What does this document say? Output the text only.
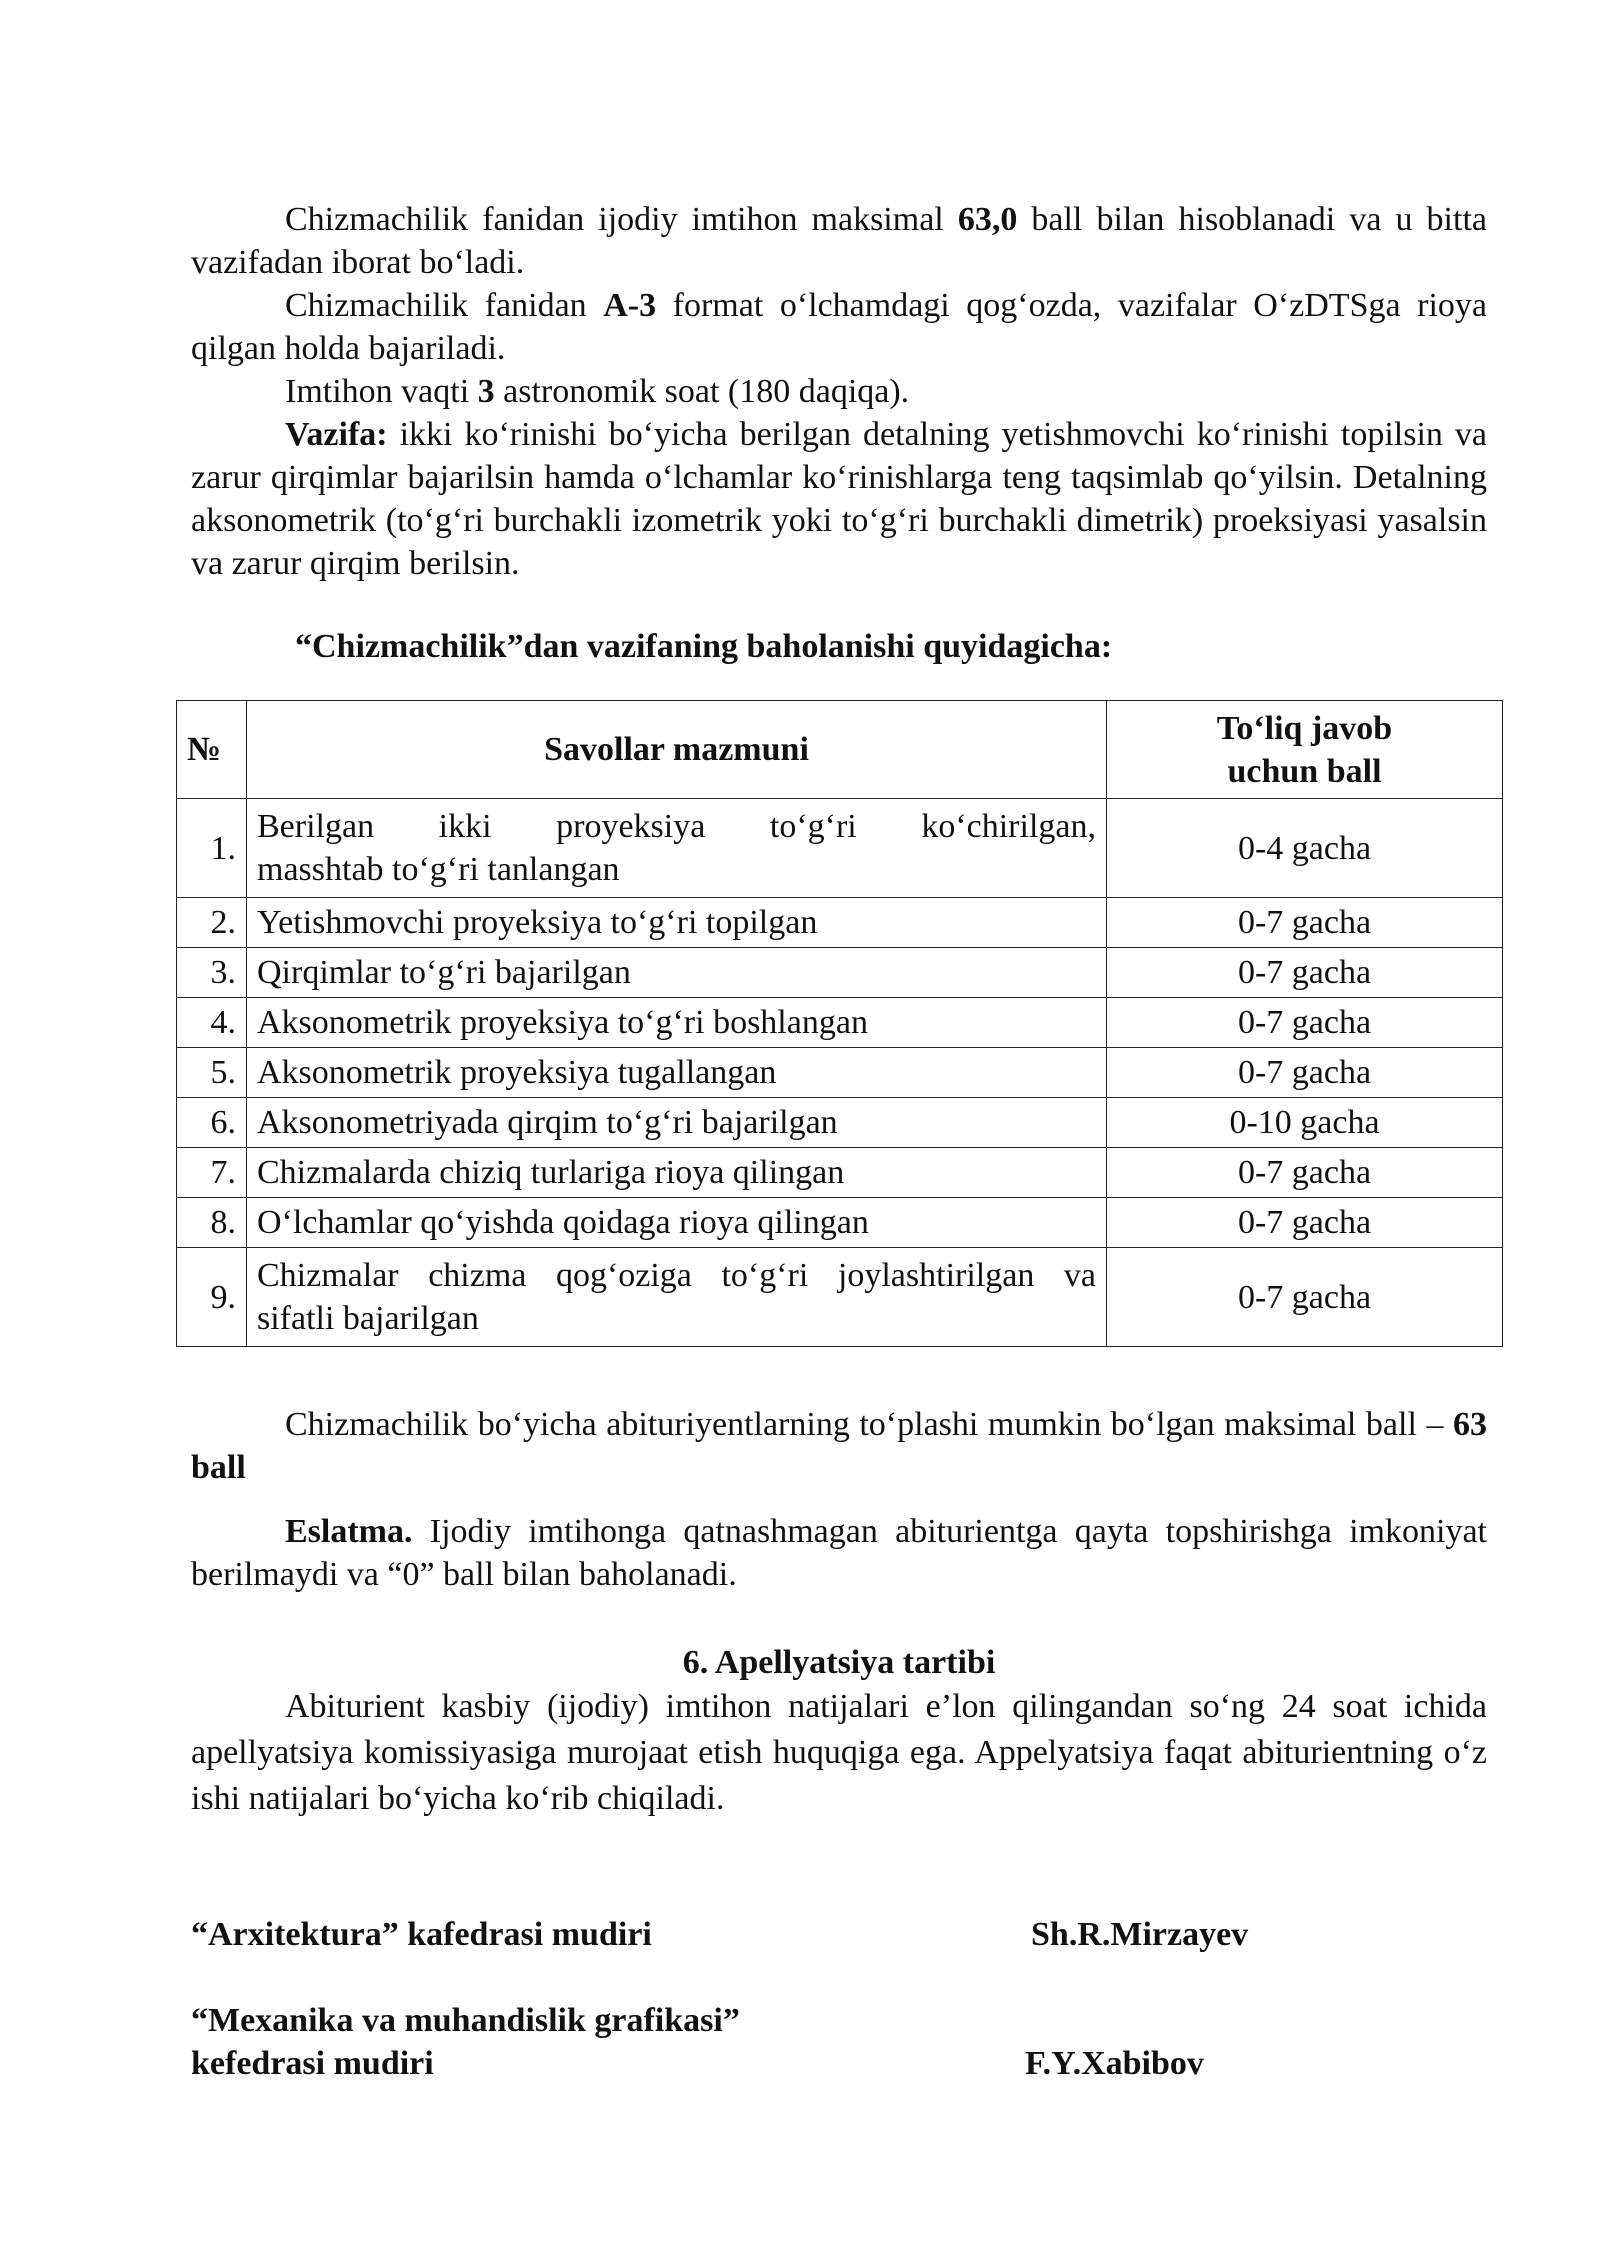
Chizmachilik fanidan ijodiy imtihon maksimal 63,0 ball bilan hisoblanadi va u bitta vazifadan iborat bo‘ladi.

Chizmachilik fanidan A-3 format o‘lchamdagi qog‘ozda, vazifalar O‘zDTSga rioya qilgan holda bajariladi.

Imtihon vaqti 3 astronomik soat (180 daqiqa).

Vazifa: ikki ko‘rinishi bo‘yicha berilgan detalning yetishmovchi ko‘rinishi topilsin va zarur qirqimlar bajarilsin hamda o‘lchamlar ko‘rinishlarga teng taqsimlab qo‘yilsin. Detalning aksonometrik (to‘g‘ri burchakli izometrik yoki to‘g‘ri burchakli dimetrik) proeksiyasi yasalsin va zarur qirqim berilsin.

“Chizmachilik”dan vazifaning baholanishi quyidagicha:
№	Savollar mazmuni	To‘liq javob
uchun ball

1.	Berilgan ikki proyeksiya to‘g‘ri ko‘chirilgan,
masshtab to‘g‘ri tanlangan	0-4 gacha
2.	Yetishmovchi proyeksiya to‘g‘ri topilgan	0-7 gacha
3.	Qirqimlar to‘g‘ri bajarilgan	0-7 gacha
4.	Aksonometrik proyeksiya to‘g‘ri boshlangan	0-7 gacha
5.	Aksonometrik proyeksiya tugallangan	0-7 gacha
6.	Aksonometriyada qirqim to‘g‘ri bajarilgan	0-10 gacha
7.	Chizmalarda chiziq turlariga rioya qilingan	0-7 gacha
8.	O‘lchamlar qo‘yishda qoidaga rioya qilingan	0-7 gacha
9.	Chizmalar chizma qog‘oziga to‘g‘ri joylashtirilgan va
sifatli bajarilgan	0-7 gacha

Chizmachilik bo‘yicha abituriyentlarning to‘plashi mumkin bo‘lgan maksimal ball – 63 ball

Eslatma. Ijodiy imtihonga qatnashmagan abiturientga qayta topshirishga imkoniyat berilmaydi va “0” ball bilan baholanadi.

6. Apellyatsiya tartibi

Abiturient kasbiy (ijodiy) imtihon natijalari e’lon qilingandan so‘ng 24 soat ichida apellyatsiya komissiyasiga murojaat etish huquqiga ega. Appelyatsiya faqat abituriеntning o‘z ishi natijalari bo‘yicha ko‘rib chiqiladi.

“Arxitektura” kafedrasi mudiri	Sh.R.Mirzayev
“Mexanika va muhandislik grafikasi”
kefedrasi mudiri	F.Y.Xabibov
